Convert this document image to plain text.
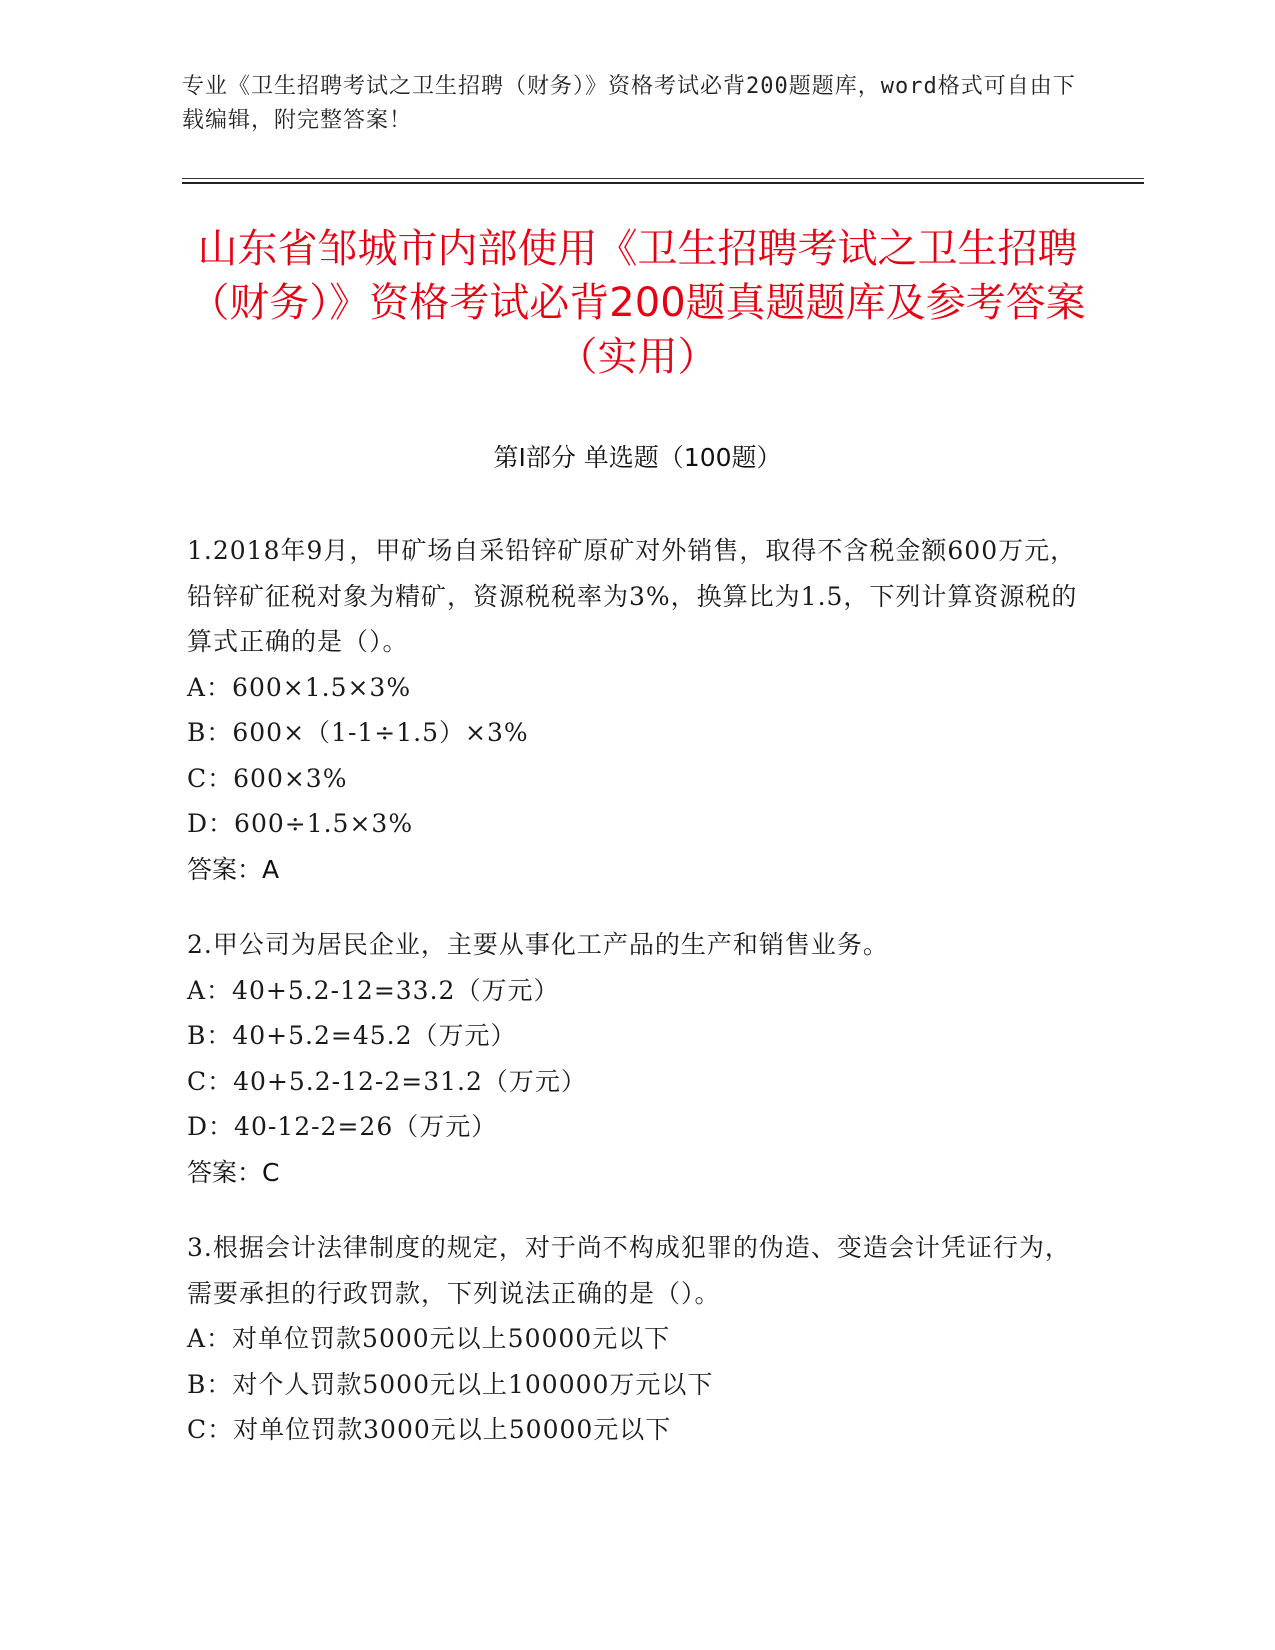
专业《卫生招聘考试之卫生招聘（财务）》资格考试必背200题题库，word格式可自由下载编辑，附完整答案！
山东省邹城市内部使用《卫生招聘考试之卫生招聘（财务）》资格考试必背200题真题题库及参考答案（实用）
第Ⅰ部分 单选题（100题）
1.2018年9月，甲矿场自采铅锌矿原矿对外销售，取得不含税金额600万元，铅锌矿征税对象为精矿，资源税税率为3%，换算比为1.5，下列计算资源税的算式正确的是（）。
A：600×1.5×3%
B：600×（1-1÷1.5）×3%
C：600×3%
D：600÷1.5×3%
答案：A
2.甲公司为居民企业，主要从事化工产品的生产和销售业务。
A：40+5.2-12=33.2（万元）
B：40+5.2=45.2（万元）
C：40+5.2-12-2=31.2（万元）
D：40-12-2=26（万元）
答案：C
3.根据会计法律制度的规定，对于尚不构成犯罪的伪造、变造会计凭证行为，需要承担的行政罚款，下列说法正确的是（）。
A：对单位罚款5000元以上50000元以下
B：对个人罚款5000元以上100000万元以下
C：对单位罚款3000元以上50000元以下
